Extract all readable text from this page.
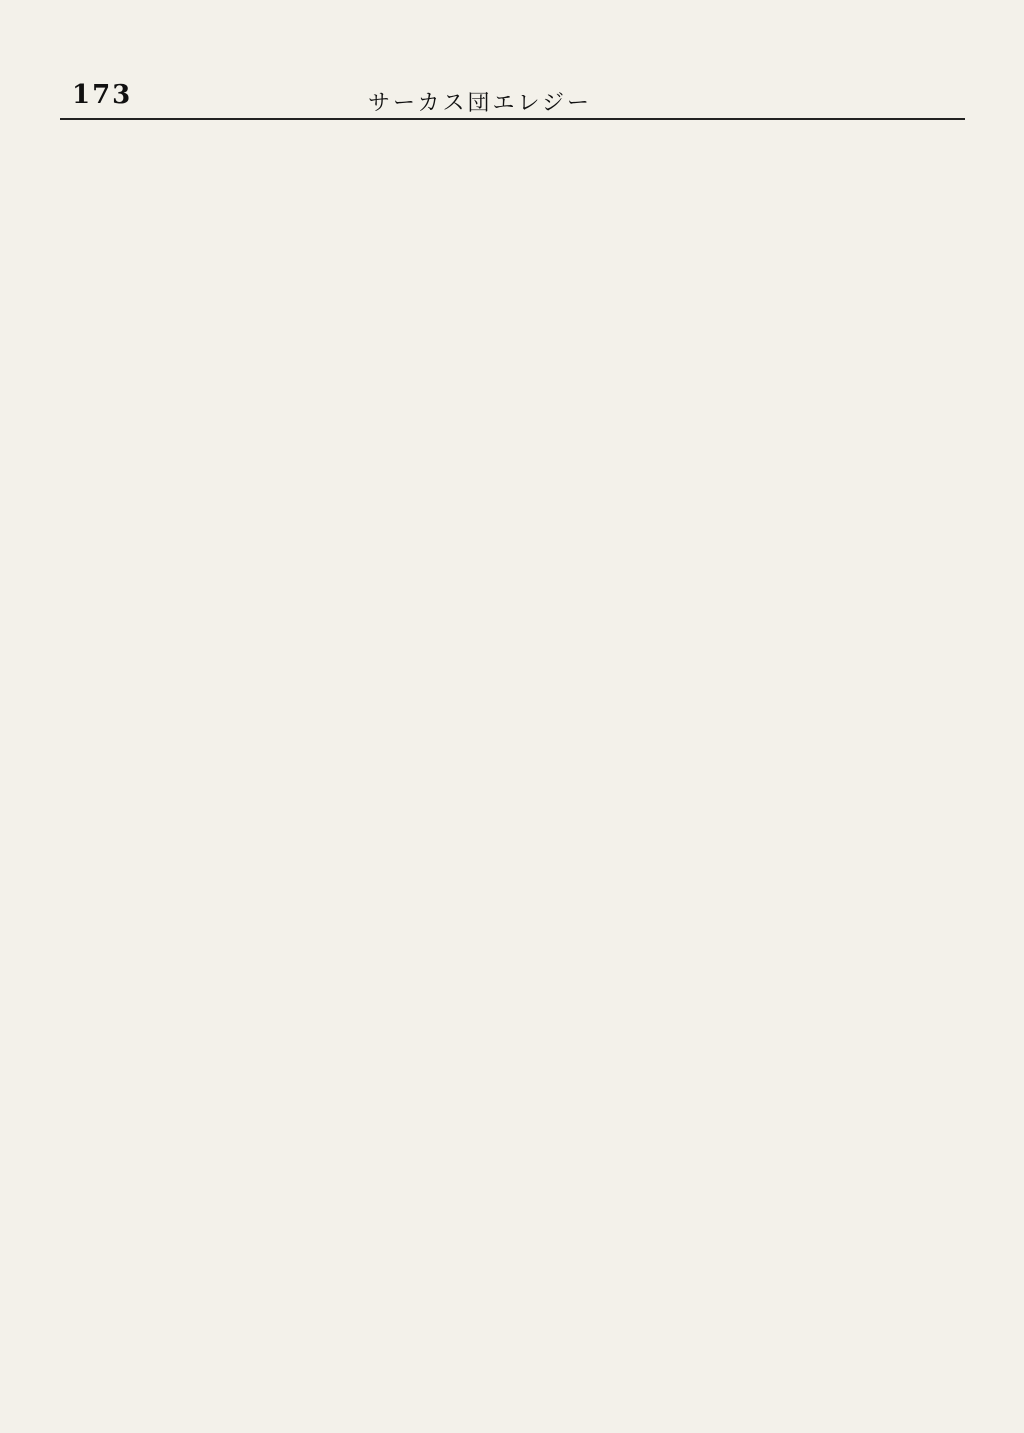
173	サーカス団エレジー
